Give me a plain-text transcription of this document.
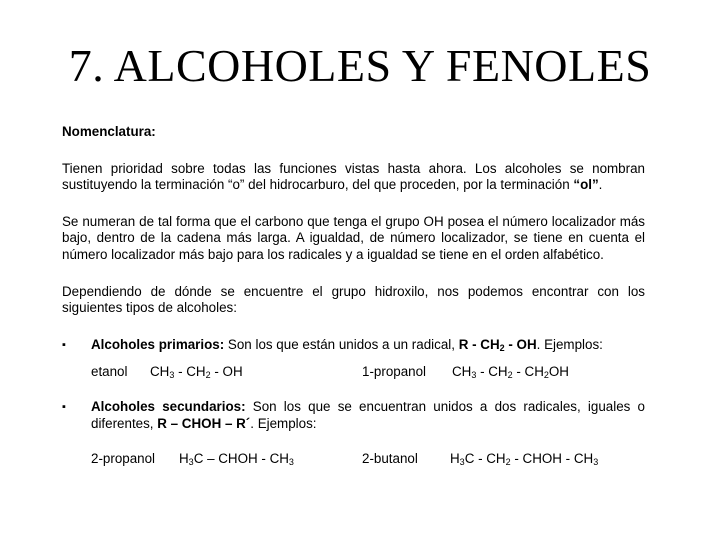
7. ALCOHOLES Y FENOLES

Nomenclatura:

Tienen prioridad sobre todas las funciones vistas hasta ahora. Los alcoholes se nombran sustituyendo la terminación “o” del hidrocarburo, del que proceden, por la terminación “ol”.

Se numeran de tal forma que el carbono que tenga el grupo OH posea el número localizador más bajo, dentro de la cadena más larga. A igualdad, de número localizador, se tiene en cuenta el número localizador más bajo para los radicales y a igualdad se tiene en el orden alfabético.

Dependiendo de dónde se encuentre el grupo hidroxilo, nos podemos encontrar con los siguientes tipos de alcoholes:

▪ Alcoholes primarios: Son los que están unidos a un radical, R - $CH_2$ - OH. Ejemplos:

etanol $CH_3 - CH_2$ - OH	1-propanol $CH_3 - CH_2 - CH_2OH$
▪ Alcoholes secundarios: Son los que se encuentran unidos a dos radicales, iguales o diferentes, R – CHOH – R´. Ejemplos:

2-propanol $H_3C$ – CHOH - $CH_3$	2-butanol $H_3C - CH_2$ - CHOH - $CH_3$
